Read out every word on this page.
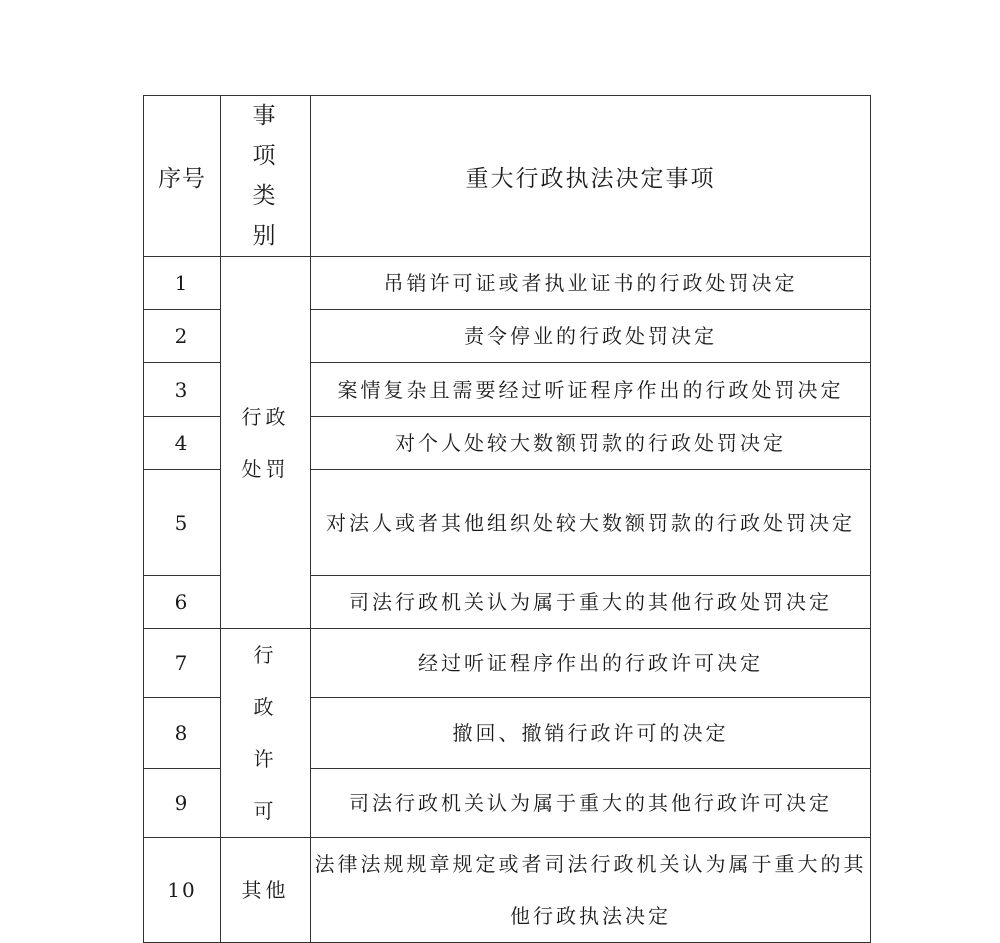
序号	事项类别	重大行政执法决定事项
1	行政处罚	吊销许可证或者执业证书的行政处罚决定

2		责令停业的行政处罚决定

3		案情复杂且需要经过听证程序作出的行政处罚决定

4		对个人处较大数额罚款的行政处罚决定

5		对法人或者其他组织处较大数额罚款的行政处罚决定

6		司法行政机关认为属于重大的其他行政处罚决定

7	行政许可	经过听证程序作出的行政许可决定

8		撤回、撤销行政许可的决定

9		司法行政机关认为属于重大的其他行政许可决定

10	其他	法律法规规章规定或者司法行政机关认为属于重大的其他行政执法决定
